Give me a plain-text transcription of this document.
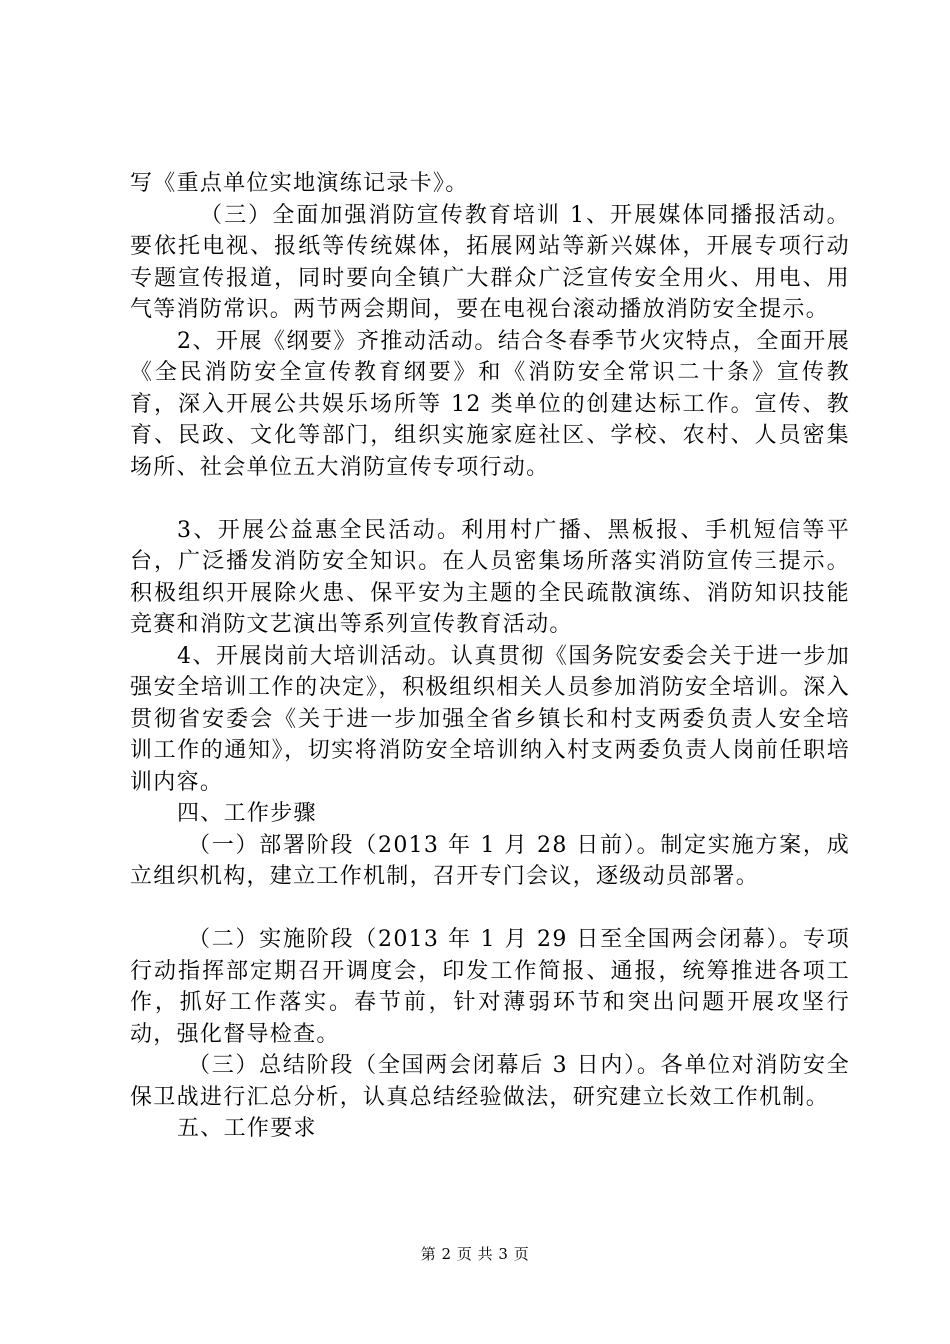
写《重点单位实地演练记录卡》。

（三）全面加强消防宣传教育培训 1、开展媒体同播报活动。要依托电视、报纸等传统媒体，拓展网站等新兴媒体，开展专项行动专题宣传报道，同时要向全镇广大群众广泛宣传安全用火、用电、用气等消防常识。两节两会期间，要在电视台滚动播放消防安全提示。

2、开展《纲要》齐推动活动。结合冬春季节火灾特点，全面开展《全民消防安全宣传教育纲要》和《消防安全常识二十条》宣传教育，深入开展公共娱乐场所等 12 类单位的创建达标工作。宣传、教育、民政、文化等部门，组织实施家庭社区、学校、农村、人员密集场所、社会单位五大消防宣传专项行动。

3、开展公益惠全民活动。利用村广播、黑板报、手机短信等平台，广泛播发消防安全知识。在人员密集场所落实消防宣传三提示。积极组织开展除火患、保平安为主题的全民疏散演练、消防知识技能竞赛和消防文艺演出等系列宣传教育活动。

4、开展岗前大培训活动。认真贯彻《国务院安委会关于进一步加强安全培训工作的决定》，积极组织相关人员参加消防安全培训。深入贯彻省安委会《关于进一步加强全省乡镇长和村支两委负责人安全培训工作的通知》，切实将消防安全培训纳入村支两委负责人岗前任职培训内容。

四、工作步骤

（一）部署阶段（2013 年 1 月 28 日前）。制定实施方案，成立组织机构，建立工作机制，召开专门会议，逐级动员部署。

（二）实施阶段（2013 年 1 月 29 日至全国两会闭幕）。专项行动指挥部定期召开调度会，印发工作简报、通报，统筹推进各项工作，抓好工作落实。春节前，针对薄弱环节和突出问题开展攻坚行动，强化督导检查。

（三）总结阶段（全国两会闭幕后 3 日内）。各单位对消防安全保卫战进行汇总分析，认真总结经验做法，研究建立长效工作机制。

五、工作要求

第 2 页 共 3 页
